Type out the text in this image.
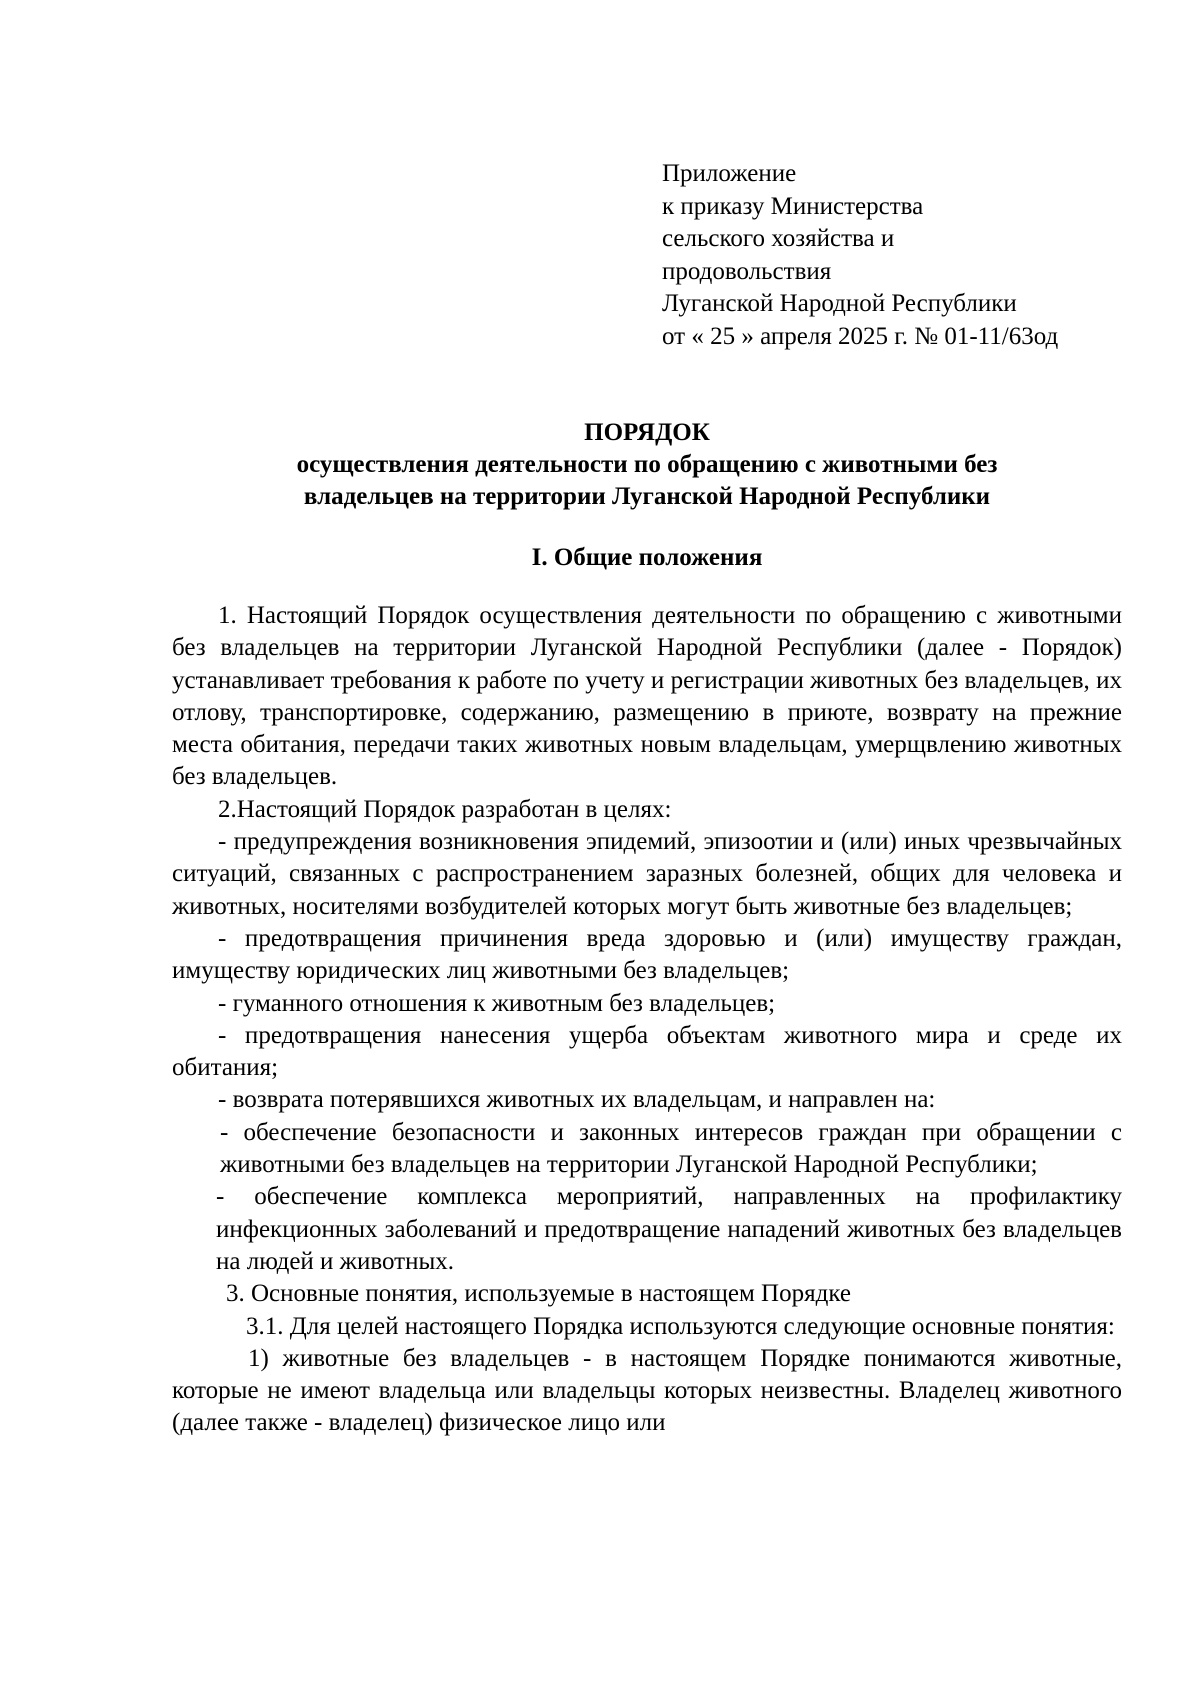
Приложение
к приказу Министерства
сельского хозяйства и
продовольствия
Луганской Народной Республики
от « 25 » апреля 2025 г. № 01-11/63од
ПОРЯДОК
осуществления деятельности по обращению с животными без
владельцев на территории Луганской Народной Республики
I. Общие положения

1. Настоящий Порядок осуществления деятельности по обращению с животными без владельцев на территории Луганской Народной Республики (далее - Порядок) устанавливает требования к работе по учету и регистрации животных без владельцев, их отлову, транспортировке, содержанию, размещению в приюте, возврату на прежние места обитания, передачи таких животных новым владельцам, умерщвлению животных без владельцев.

2.Настоящий Порядок разработан в целях:

- предупреждения возникновения эпидемий, эпизоотии и (или) иных чрезвычайных ситуаций, связанных с распространением заразных болезней, общих для человека и животных, носителями возбудителей которых могут быть животные без владельцев;

- предотвращения причинения вреда здоровью и (или) имуществу граждан, имуществу юридических лиц животными без владельцев;

- гуманного отношения к животным без владельцев;

- предотвращения нанесения ущерба объектам животного мира и среде их обитания;

- возврата потерявшихся животных их владельцам, и направлен на:

- обеспечение безопасности и законных интересов граждан при обращении с животными без владельцев на территории Луганской Народной Республики;

- обеспечение комплекса мероприятий, направленных на профилактику инфекционных заболеваний и предотвращение нападений животных без владельцев на людей и животных.

3. Основные понятия, используемые в настоящем Порядке

3.1. Для целей настоящего Порядка используются следующие основные понятия:

1) животные без владельцев - в настоящем Порядке понимаются животные, которые не имеют владельца или владельцы которых неизвестны. Владелец животного (далее также - владелец) физическое лицо или
